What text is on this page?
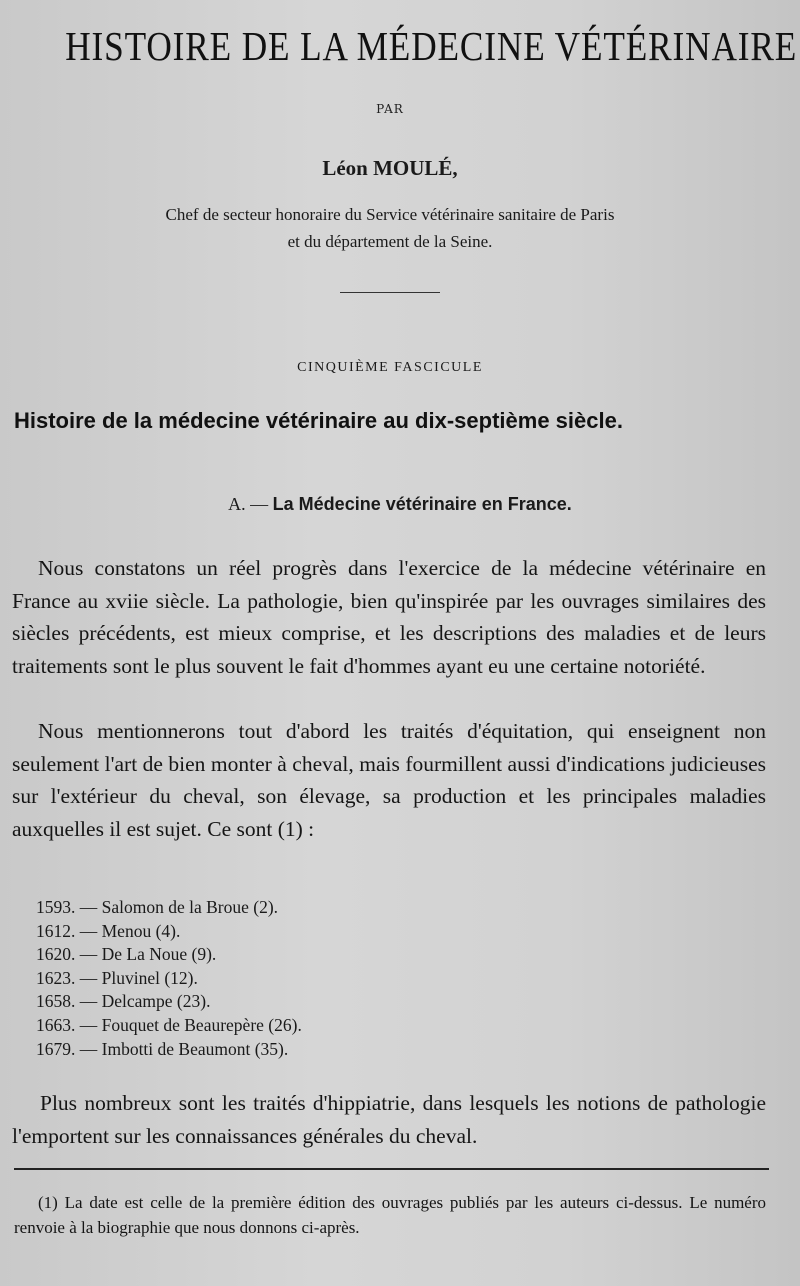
HISTOIRE DE LA MÉDECINE VÉTÉRINAIRE
PAR
Léon MOULÉ,
Chef de secteur honoraire du Service vétérinaire sanitaire de Paris
et du département de la Seine.
CINQUIÈME FASCICULE
Histoire de la médecine vétérinaire au dix-septième siècle.
A. — La Médecine vétérinaire en France.
Nous constatons un réel progrès dans l'exercice de la médecine vétérinaire en France au xviie siècle. La pathologie, bien qu'inspirée par les ouvrages similaires des siècles précédents, est mieux comprise, et les descriptions des maladies et de leurs traitements sont le plus souvent le fait d'hommes ayant eu une certaine notoriété.
Nous mentionnerons tout d'abord les traités d'équitation, qui enseignent non seulement l'art de bien monter à cheval, mais fourmillent aussi d'indications judicieuses sur l'extérieur du cheval, son élevage, sa production et les principales maladies auxquelles il est sujet. Ce sont (1) :
1593. — Salomon de la Broue (2).
1612. — Menou (4).
1620. — De La Noue (9).
1623. — Pluvinel (12).
1658. — Delcampe (23).
1663. — Fouquet de Beaurepère (26).
1679. — Imbotti de Beaumont (35).
Plus nombreux sont les traités d'hippiatrie, dans lesquels les notions de pathologie l'emportent sur les connaissances générales du cheval.
(1) La date est celle de la première édition des ouvrages publiés par les auteurs ci-dessus. Le numéro renvoie à la biographie que nous donnons ci-après.
